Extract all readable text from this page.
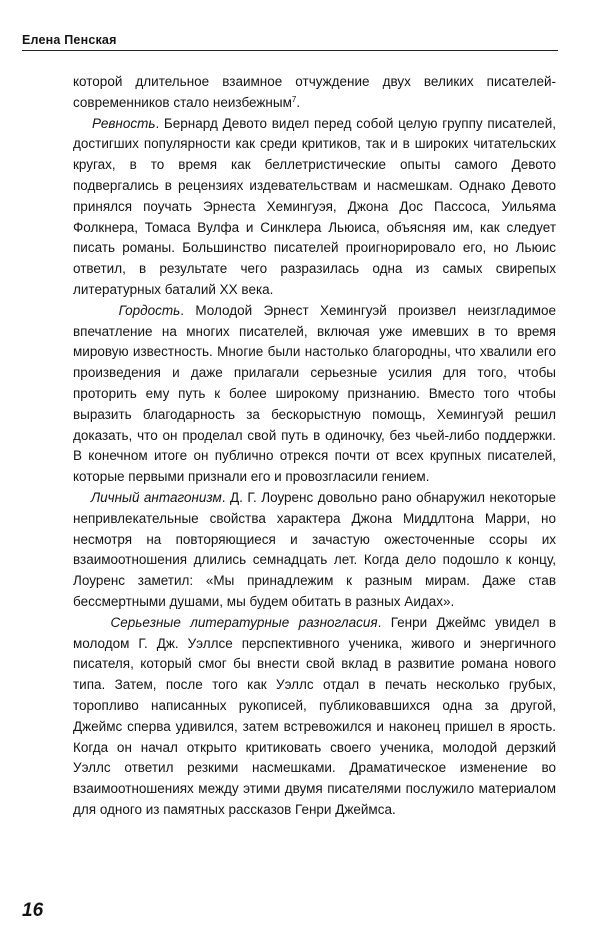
Елена Пенская

которой длительное взаимное отчуждение двух великих писателей-современников стало неизбежным$^7$.

Ревность. Бернард Девото видел перед собой целую группу писателей, достигших популярности как среди критиков, так и в широких читательских кругах, в то время как беллетристические опыты самого Девото подвергались в рецензиях издевательствам и насмешкам. Однако Девото принялся поучать Эрнеста Хемингуэя, Джона Дос Пассоса, Уильяма Фолкнера, Томаса Вулфа и Синклера Льюиса, объясняя им, как следует писать романы. Большинство писателей проигнорировало его, но Льюис ответил, в результате чего разразилась одна из самых свирепых литературных баталий XX века.

Гордость. Молодой Эрнест Хемингуэй произвел неизгладимое впечатление на многих писателей, включая уже имевших в то время мировую известность. Многие были настолько благородны, что хвалили его произведения и даже прилагали серьезные усилия для того, чтобы проторить ему путь к более широкому признанию. Вместо того чтобы выразить благодарность за бескорыстную помощь, Хемингуэй решил доказать, что он проделал свой путь в одиночку, без чьей-либо поддержки. В конечном итоге он публично отрекся почти от всех крупных писателей, которые первыми признали его и провозгласили гением.

Личный антагонизм. Д. Г. Лоуренс довольно рано обнаружил некоторые непривлекательные свойства характера Джона Миддлтона Марри, но несмотря на повторяющиеся и зачастую ожесточенные ссоры их взаимоотношения длились семнадцать лет. Когда дело подошло к концу, Лоуренс заметил: «Мы принадлежим к разным мирам. Даже став бессмертными душами, мы будем обитать в разных Аидах».

Серьезные литературные разногласия. Генри Джеймс увидел в молодом Г. Дж. Уэллсе перспективного ученика, живого и энергичного писателя, который смог бы внести свой вклад в развитие романа нового типа. Затем, после того как Уэллс отдал в печать несколько грубых, торопливо написанных рукописей, публиковавшихся одна за другой, Джеймс сперва удивился, затем встревожился и наконец пришел в ярость. Когда он начал открыто критиковать своего ученика, молодой дерзкий Уэллс ответил резкими насмешками. Драматическое изменение во взаимоотношениях между этими двумя писателями послужило материалом для одного из памятных рассказов Генри Джеймса.

16
